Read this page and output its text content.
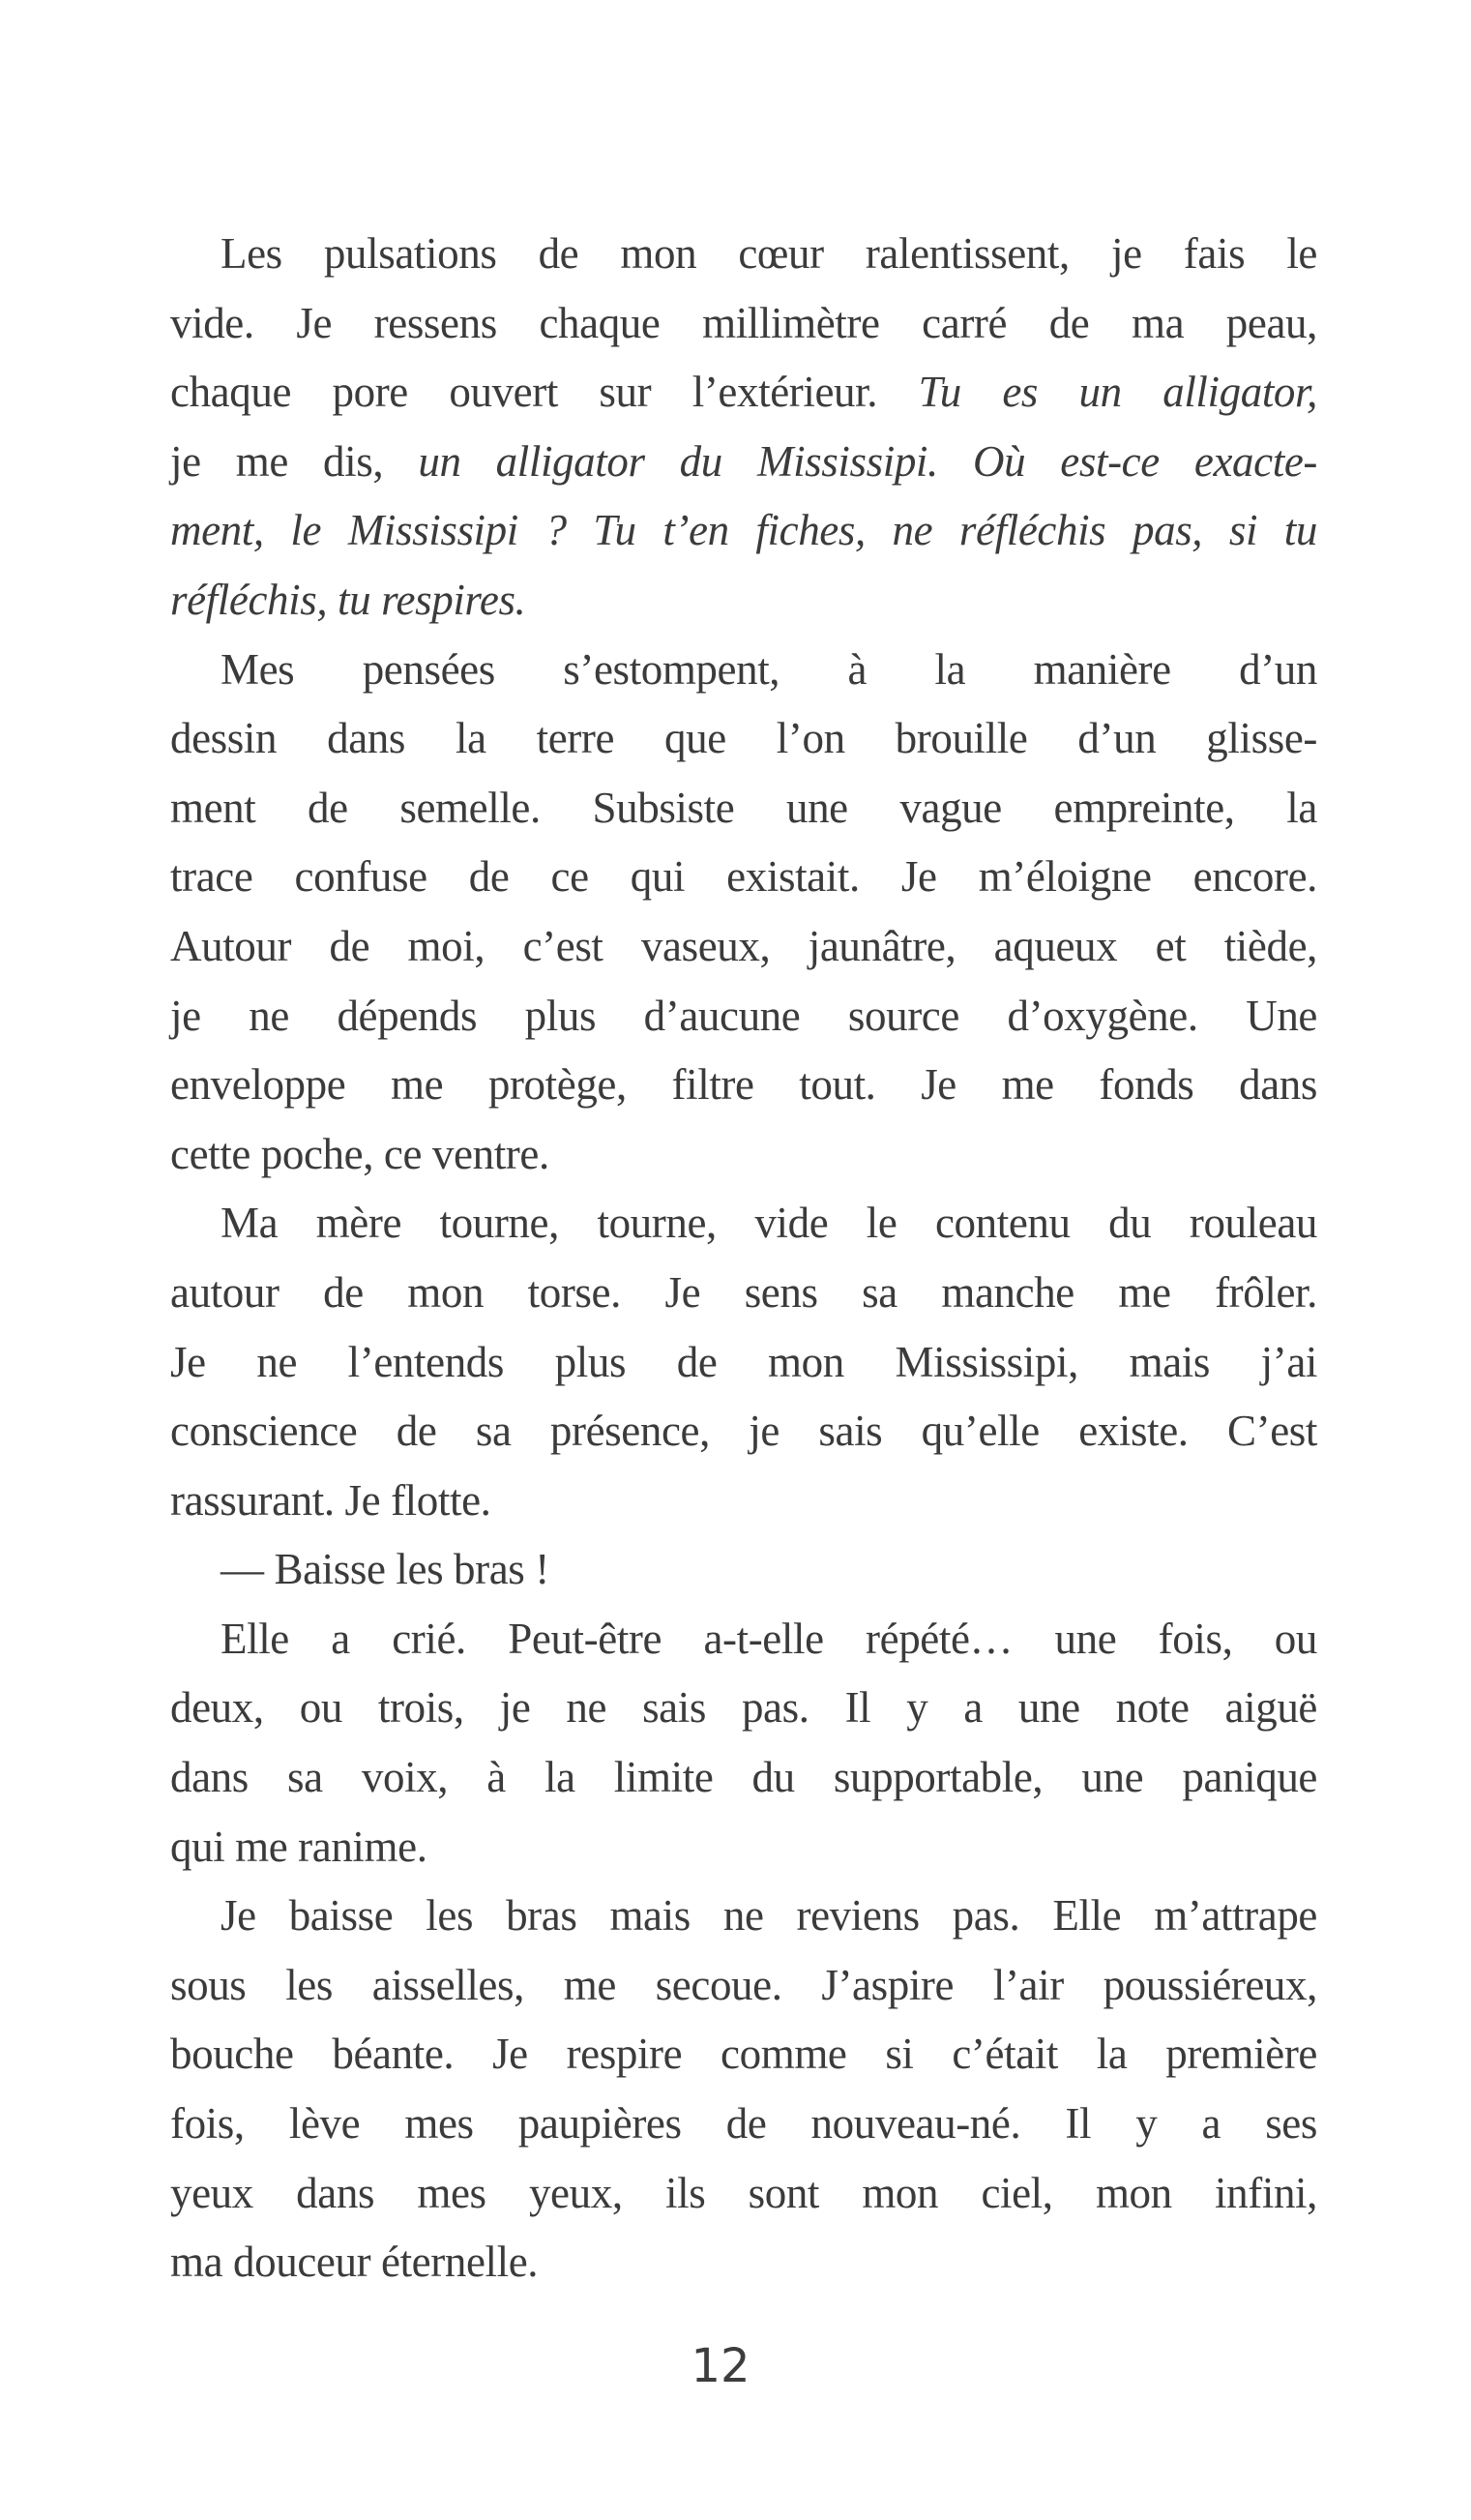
Les pulsations de mon cœur ralentissent, je fais le
vide. Je ressens chaque millimètre carré de ma peau,
chaque pore ouvert sur l’extérieur. Tu es un alligator,
je me dis, un alligator du Mississipi. Où est-ce exacte-
ment, le Mississipi ? Tu t’en fiches, ne réfléchis pas, si tu
réfléchis, tu respires.
Mes pensées s’estompent, à la manière d’un
dessin dans la terre que l’on brouille d’un glisse-
ment de semelle. Subsiste une vague empreinte, la
trace confuse de ce qui existait. Je m’éloigne encore.
Autour de moi, c’est vaseux, jaunâtre, aqueux et tiède,
je ne dépends plus d’aucune source d’oxygène. Une
enveloppe me protège, filtre tout. Je me fonds dans
cette poche, ce ventre.
Ma mère tourne, tourne, vide le contenu du rouleau
autour de mon torse. Je sens sa manche me frôler.
Je ne l’entends plus de mon Mississipi, mais j’ai
conscience de sa présence, je sais qu’elle existe. C’est
rassurant. Je flotte.
— Baisse les bras !
Elle a crié. Peut-être a-t-elle répété… une fois, ou
deux, ou trois, je ne sais pas. Il y a une note aiguë
dans sa voix, à la limite du supportable, une panique
qui me ranime.
Je baisse les bras mais ne reviens pas. Elle m’attrape
sous les aisselles, me secoue. J’aspire l’air poussiéreux,
bouche béante. Je respire comme si c’était la première
fois, lève mes paupières de nouveau-né. Il y a ses
yeux dans mes yeux, ils sont mon ciel, mon infini,
ma douceur éternelle.
12
